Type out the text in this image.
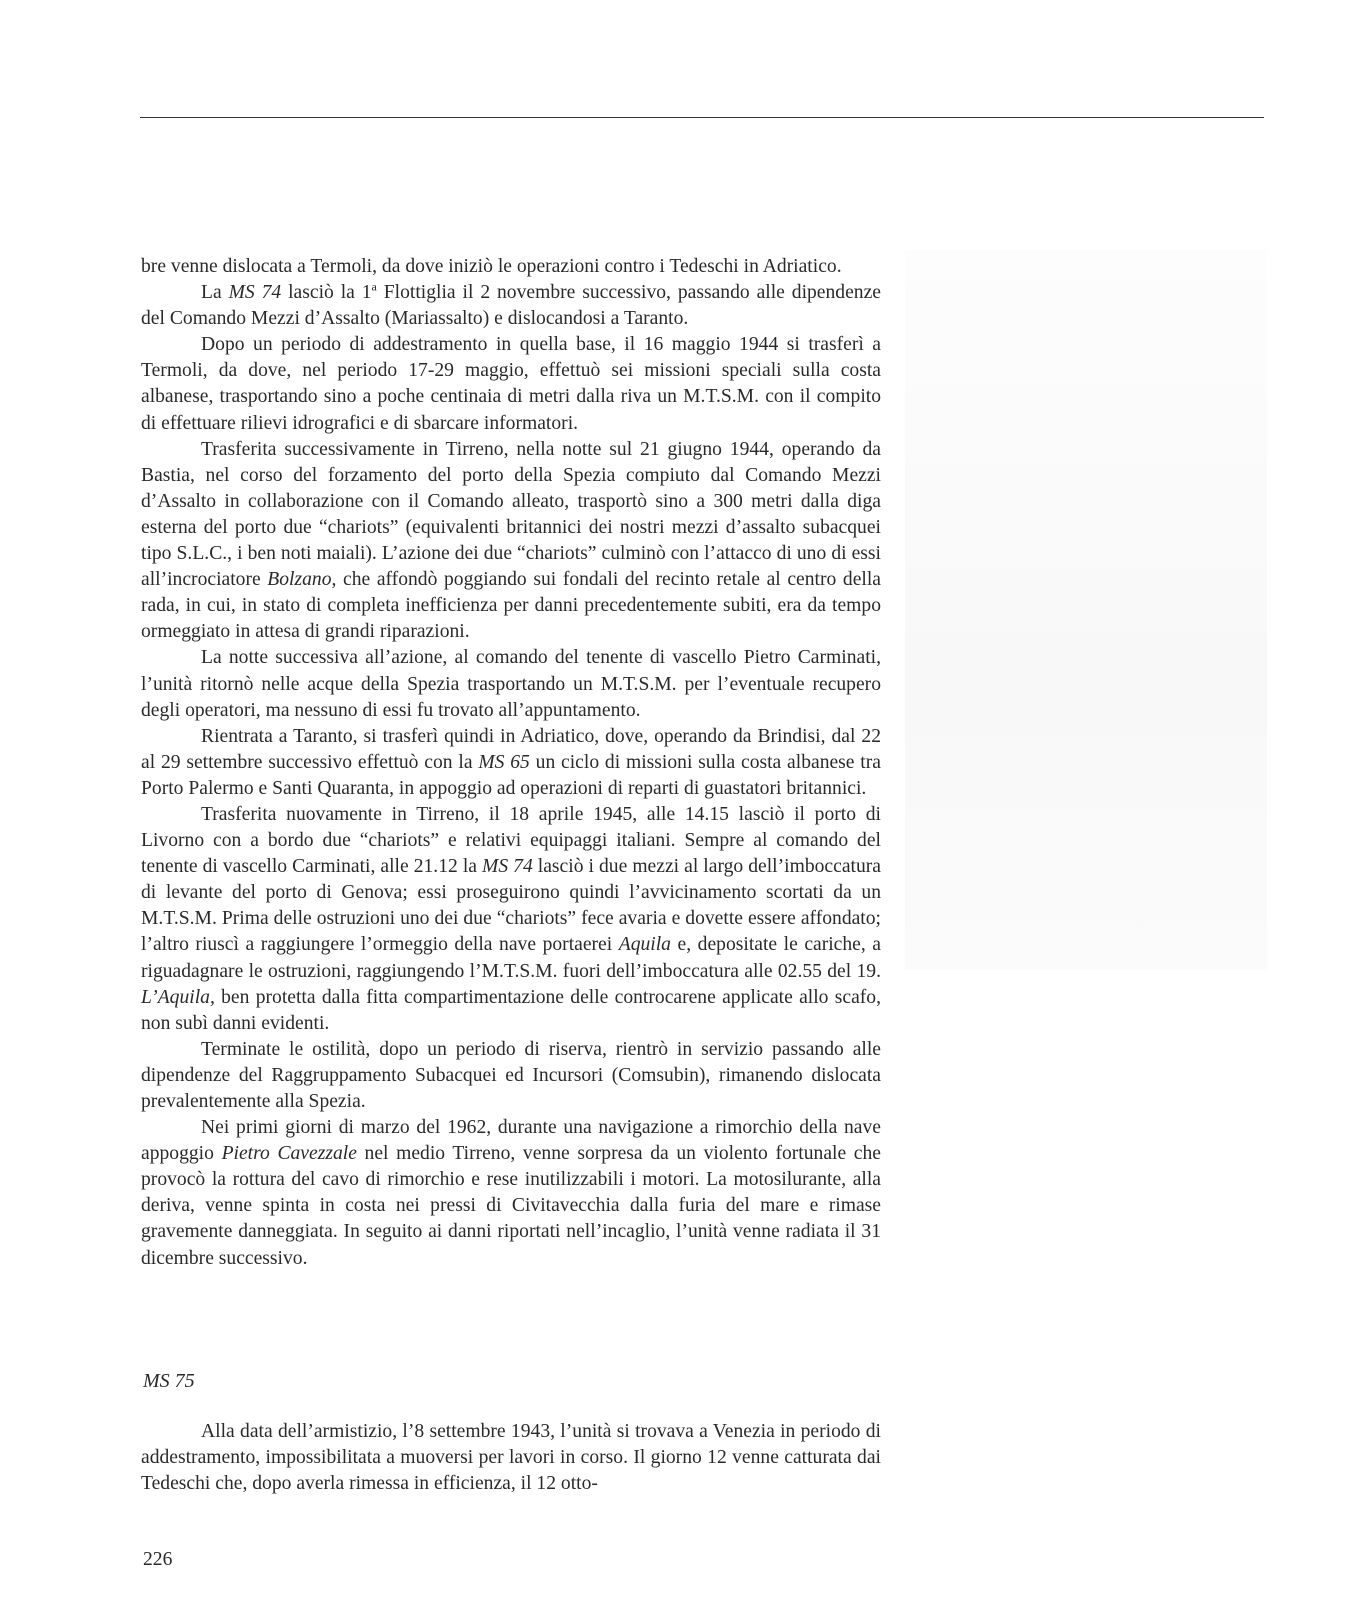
bre venne dislocata a Termoli, da dove iniziò le operazioni contro i Tedeschi in Adriatico.

La MS 74 lasciò la 1$^a$ Flottiglia il 2 novembre successivo, passando alle dipendenze del Comando Mezzi d’Assalto (Mariassalto) e dislocandosi a Taranto.

Dopo un periodo di addestramento in quella base, il 16 maggio 1944 si trasferì a Termoli, da dove, nel periodo 17-29 maggio, effettuò sei missioni speciali sulla costa albanese, trasportando sino a poche centinaia di metri dalla riva un M.T.S.M. con il compito di effettuare rilievi idrografici e di sbarcare informatori.

Trasferita successivamente in Tirreno, nella notte sul 21 giugno 1944, operando da Bastia, nel corso del forzamento del porto della Spezia compiuto dal Comando Mezzi d’Assalto in collaborazione con il Comando alleato, trasportò sino a 300 metri dalla diga esterna del porto due “chariots” (equivalenti britannici dei nostri mezzi d’assalto subacquei tipo S.L.C., i ben noti maiali). L’azione dei due “chariots” culminò con l’attacco di uno di essi all’incrociatore Bolzano, che affondò poggiando sui fondali del recinto retale al centro della rada, in cui, in stato di completa inefficienza per danni precedentemente subiti, era da tempo ormeggiato in attesa di grandi riparazioni.

La notte successiva all’azione, al comando del tenente di vascello Pietro Carminati, l’unità ritornò nelle acque della Spezia trasportando un M.T.S.M. per l’eventuale recupero degli operatori, ma nessuno di essi fu trovato all’appuntamento.

Rientrata a Taranto, si trasferì quindi in Adriatico, dove, operando da Brindisi, dal 22 al 29 settembre successivo effettuò con la MS 65 un ciclo di missioni sulla costa albanese tra Porto Palermo e Santi Quaranta, in appoggio ad operazioni di reparti di guastatori britannici.

Trasferita nuovamente in Tirreno, il 18 aprile 1945, alle 14.15 lasciò il porto di Livorno con a bordo due “chariots” e relativi equipaggi italiani. Sempre al comando del tenente di vascello Carminati, alle 21.12 la MS 74 lasciò i due mezzi al largo dell’imboccatura di levante del porto di Genova; essi proseguirono quindi l’avvicinamento scortati da un M.T.S.M. Prima delle ostruzioni uno dei due “chariots” fece avaria e dovette essere affondato; l’altro riuscì a raggiungere l’ormeggio della nave portaerei Aquila e, depositate le cariche, a riguadagnare le ostruzioni, raggiungendo l’M.T.S.M. fuori dell’imboccatura alle 02.55 del 19. L’Aquila, ben protetta dalla fitta compartimentazione delle controcarene applicate allo scafo, non subì danni evidenti.

Terminate le ostilità, dopo un periodo di riserva, rientrò in servizio passando alle dipendenze del Raggruppamento Subacquei ed Incursori (Comsubin), rimanendo dislocata prevalentemente alla Spezia.

Nei primi giorni di marzo del 1962, durante una navigazione a rimorchio della nave appoggio Pietro Cavezzale nel medio Tirreno, venne sorpresa da un violento fortunale che provocò la rottura del cavo di rimorchio e rese inutilizzabili i motori. La motosilurante, alla deriva, venne spinta in costa nei pressi di Civitavecchia dalla furia del mare e rimase gravemente danneggiata. In seguito ai danni riportati nell’incaglio, l’unità venne radiata il 31 dicembre successivo.

MS 75

Alla data dell’armistizio, l’8 settembre 1943, l’unità si trovava a Venezia in periodo di addestramento, impossibilitata a muoversi per lavori in corso. Il giorno 12 venne catturata dai Tedeschi che, dopo averla rimessa in efficienza, il 12 otto-

226
